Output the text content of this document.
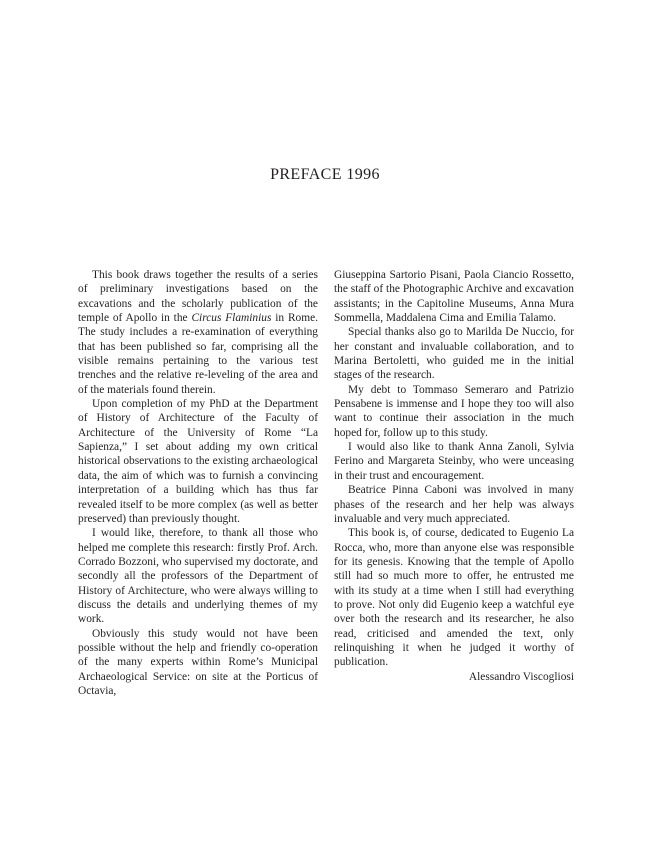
PREFACE 1996

This book draws together the results of a series of preliminary investigations based on the excavations and the scholarly publication of the temple of Apollo in the Circus Flaminius in Rome. The study includes a re-examination of everything that has been published so far, comprising all the visible remains pertaining to the various test trenches and the relative re-leveling of the area and of the materials found therein.

Upon completion of my PhD at the Department of History of Architecture of the Faculty of Architecture of the University of Rome “La Sapienza,” I set about adding my own critical historical observations to the existing archaeological data, the aim of which was to furnish a convincing interpretation of a building which has thus far revealed itself to be more complex (as well as better preserved) than previously thought.

I would like, therefore, to thank all those who helped me complete this research: firstly Prof. Arch. Corrado Bozzoni, who supervised my doctorate, and secondly all the professors of the Department of History of Architecture, who were always willing to discuss the details and underlying themes of my work.

Obviously this study would not have been possible without the help and friendly co-operation of the many experts within Rome’s Municipal Archaeological Service: on site at the Porticus of Octavia,

Giuseppina Sartorio Pisani, Paola Ciancio Rossetto, the staff of the Photographic Archive and excavation assistants; in the Capitoline Museums, Anna Mura Sommella, Maddalena Cima and Emilia Talamo.

Special thanks also go to Marilda De Nuccio, for her constant and invaluable collaboration, and to Marina Bertoletti, who guided me in the initial stages of the research.

My debt to Tommaso Semeraro and Patrizio Pensabene is immense and I hope they too will also want to continue their association in the much hoped for, follow up to this study.

I would also like to thank Anna Zanoli, Sylvia Ferino and Margareta Steinby, who were unceasing in their trust and encouragement.

Beatrice Pinna Caboni was involved in many phases of the research and her help was always invaluable and very much appreciated.

This book is, of course, dedicated to Eugenio La Rocca, who, more than anyone else was responsible for its genesis. Knowing that the temple of Apollo still had so much more to offer, he entrusted me with its study at a time when I still had everything to prove. Not only did Eugenio keep a watchful eye over both the research and its researcher, he also read, criticised and amended the text, only relinquishing it when he judged it worthy of publication.

Alessandro Viscogliosi
